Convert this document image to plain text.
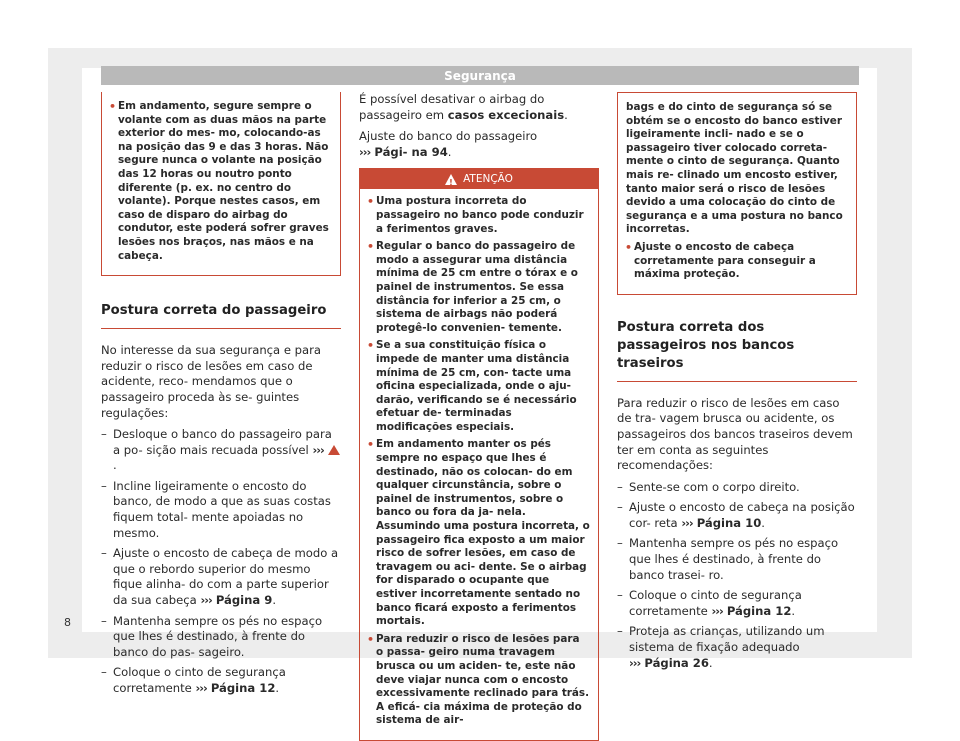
Segurança
• Em andamento, segure sempre o volante com as duas mãos na parte exterior do mes- mo, colocando-as na posição das 9 e das 3 horas. Não segure nunca o volante na posição das 12 horas ou noutro ponto diferente (p. ex. no centro do volante). Porque nestes casos, em caso de disparo do airbag do condutor, este poderá sofrer graves lesões nos braços, nas mãos e na cabeça.
Postura correta do passageiro

No interesse da sua segurança e para reduzir o risco de lesões em caso de acidente, reco- mendamos que o passageiro proceda às se- guintes regulações:

– Desloque o banco do passageiro para a po- sição mais recuada possível ››› .
– Incline ligeiramente o encosto do banco, de modo a que as suas costas fiquem total- mente apoiadas no mesmo.
– Ajuste o encosto de cabeça de modo a que o rebordo superior do mesmo fique alinha- do com a parte superior da sua cabeça ››› Página 9.
– Mantenha sempre os pés no espaço que lhes é destinado, à frente do banco do pas- sageiro.
– Coloque o cinto de segurança corretamente ››› Página 12.

É possível desativar o airbag do passageiro em casos excecionais.

Ajuste do banco do passageiro ››› Pági- na 94.

!
ATENÇÃO
• Uma postura incorreta do passageiro no banco pode conduzir a ferimentos graves.
• Regular o banco do passageiro de modo a assegurar uma distância mínima de 25 cm entre o tórax e o painel de instrumentos. Se essa distância for inferior a 25 cm, o sistema de airbags não poderá protegê-lo convenien- temente.
• Se a sua constituição física o impede de manter uma distância mínima de 25 cm, con- tacte uma oficina especializada, onde o aju- darão, verificando se é necessário efetuar de- terminadas modificações especiais.
• Em andamento manter os pés sempre no espaço que lhes é destinado, não os colocan- do em qualquer circunstância, sobre o painel de instrumentos, sobre o banco ou fora da ja- nela. Assumindo uma postura incorreta, o passageiro fica exposto a um maior risco de sofrer lesões, em caso de travagem ou aci- dente. Se o airbag for disparado o ocupante que estiver incorretamente sentado no banco ficará exposto a ferimentos mortais.
• Para reduzir o risco de lesões para o passa- geiro numa travagem brusca ou um aciden- te, este não deve viajar nunca com o encosto excessivamente reclinado para trás. A eficá- cia máxima de proteção do sistema de air-
bags e do cinto de segurança só se obtém se o encosto do banco estiver ligeiramente incli- nado e se o passageiro tiver colocado correta- mente o cinto de segurança. Quanto mais re- clinado um encosto estiver, tanto maior será o risco de lesões devido a uma colocação do cinto de segurança e a uma postura no banco incorretas.
• Ajuste o encosto de cabeça corretamente para conseguir a máxima proteção.
Postura correta dos passageiros nos bancos traseiros

Para reduzir o risco de lesões em caso de tra- vagem brusca ou acidente, os passageiros dos bancos traseiros devem ter em conta as seguintes recomendações:

– Sente-se com o corpo direito.
– Ajuste o encosto de cabeça na posição cor- reta ››› Página 10.
– Mantenha sempre os pés no espaço que lhes é destinado, à frente do banco trasei- ro.
– Coloque o cinto de segurança corretamente ››› Página 12.
– Proteja as crianças, utilizando um sistema de fixação adequado ››› Página 26.
8
